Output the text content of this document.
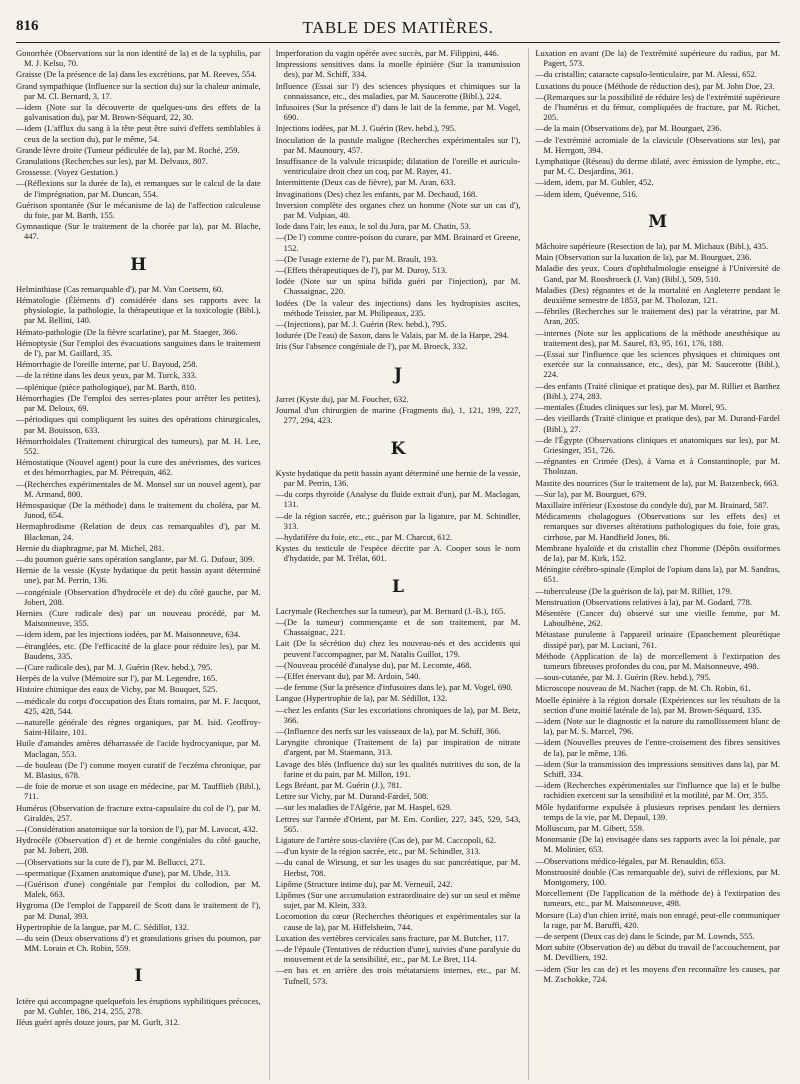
816	TABLE DES MATIÈRES.
Gonorrhée (Observations sur la non identité de la) et de la syphilis, par M. J. Kelso, 70.
Graisse (De la présence de la) dans les excrétions, par M. Reeves, 554.
Grand sympathique (Influence sur la section du) sur la chaleur animale, par M. Cl. Bernard, 3, 17.
—idem (Note sur la découverte de quelques-uns des effets de la galvanisation du), par M. Brown-Séquard, 22, 30.
—idem (L'afflux du sang à la tête peut être suivi d'effets semblables à ceux de la section du), par le même, 54.
Grande lèvre droite (Tumeur pédiculée de la), par M. Roché, 259.
Granulations (Recherches sur les), par M. Delvaux, 807.
Grossesse. (Voyez Gestation.)
—(Réflexions sur la durée de la), et remarques sur le calcul de la date de l'imprégnation, par M. Duncan, 554.
Guérison spontanée (Sur le mécanisme de la) de l'affection calculeuse du foie, par M. Barth, 155.
Gymnastique (Sur le traitement de la chorée par la), par M. Blache, 447.
H
Helminthiase (Cas remarquable d'), par M. Van Coetsem, 60.
Hématologie (Éléments d') considérée dans ses rapports avec la physiologie, la pathologie, la thérapeutique et la toxicologie (Bibl.), par M. Bellini, 140.
Hémato-pathologie (De la fièvre scarlatine), par M. Staeger, 366.
Hémoptysie (Sur l'emploi des évacuations sanguines dans le traitement de l'), par M. Gaillard, 35.
Hémorrhagie de l'oreille interne, par U. Bayoud, 258.
—de la rétine dans les deux yeux, par M. Turck, 333.
—splénique (pièce pathologique), par M. Barth, 810.
Hémorrhagies (De l'emploi des serres-plates pour arrêter les petites), par M. Deloux, 69.
—périodiques qui compliquent les suites des opérations chirurgicales, par M. Bouisson, 633.
Hémorrhoïdales (Traitement chirurgical des tumeurs), par M. H. Lee, 552.
Hémostatique (Nouvel agent) pour la cure des anévrismes, des varices et des hémorrhagies, par M. Pétrequin, 462.
—(Recherches expérimentales de M. Monsel sur un nouvel agent), par M. Armand, 800.
Hémospasique (De la méthode) dans le traitement du choléra, par M. Junod, 654.
Hermaphrodisme (Relation de deux cas remarquables d'), par M. Blackman, 24.
Hernie du diaphragme, par M. Michel, 281.
—du poumon guérie sans opération sanglante, par M. G. Dufour, 309.
Hernie de la vessie (Kyste hydatique du petit bassin ayant déterminé une), par M. Perrin, 136.
—congéniale (Observation d'hydrocèle et de) du côté gauche, par M. Jobert, 208.
Hernies (Cure radicale des) par un nouveau procédé, par M. Maisonneuve, 355.
—idem idem, par les injections iodées, par M. Maisonneuve, 634.
—étranglées, etc. (De l'efficacité de la glace pour réduire les), par M. Baudens, 335.
—(Cure radicale des), par M. J. Guérin (Rev. hebd.), 795.
Herpès de la vulve (Mémoire sur l'), par M. Legendre, 165.
Histoire chimique des eaux de Vichy, par M. Bouquet, 525.
—médicale du corps d'occupation des États romains, par M. F. Jacquot, 425, 428, 544.
—naturelle générale des règnes organiques, par M. Isid. Geoffroy-Saint-Hilaire, 101.
Huile d'amandes amères débarrassée de l'acide hydrocyanique, par M. Maclagan, 553.
—de bouleau (De l') comme moyen curatif de l'eczéma chronique, par M. Blasius, 678.
—de foie de morue et son usage en médecine, par M. Taufflieb (Bibl.), 711.
Humérus (Observation de fracture extra-capsulaire du col de l'), par M. Giraldès, 257.
—(Considération anatomique sur la torsion de l'), par M. Lavocat, 432.
Hydrocèle (Observation d') et de hernie congéniales du côté gauche, par M. Jobert, 208.
—(Observations sur la cure de l'), par M. Bellucci, 271.
—spermatique (Examen anatomique d'une), par M. Uhde, 313.
—(Guérison d'une) congéniale par l'emploi du collodion, par M. Malek, 663.
Hygroma (De l'emploi de l'appareil de Scott dans le traitement de l'), par M. Dunal, 393.
Hypertrophie de la langue, par M. C. Sédillot, 132.
—du sein (Deux observations d') et granulations grises du poumon, par MM. Lorain et Ch. Robin, 559.
I
Ictère qui accompagne quelquefois les éruptions syphilitiques précoces, par M. Gubler, 186, 214, 255, 278.
Iléus guéri après douze jours, par M. Gurlt, 312.
Imperforation du vagin opérée avec succès, par M. Filippini, 446.
Impressions sensitives dans la moelle épinière (Sur la transmission des), par M. Schiff, 334.
Influence (Essai sur l') des sciences physiques et chimiques sur la connaissance, etc., des maladies, par M. Saucerotte (Bibl.), 224.
Infusoires (Sur la présence d') dans le lait de la femme, par M. Vogel, 690.
Injections iodées, par M. J. Guérin (Rev. hebd.), 795.
Inoculation de la pustule maligne (Recherches expérimentales sur l'), par M. Maunoury, 457.
Insuffisance de la valvule tricuspide; dilatation de l'oreille et auriculo-ventriculaire droit chez un coq, par M. Rayer, 41.
Intermittente (Deux cas de fièvre), par M. Aran, 633.
Invaginations (Des) chez les enfants, par M. Dechaud, 168.
Inversion complète des organes chez un homme (Note sur un cas d'), par M. Vulpian, 40.
Iode dans l'air, les eaux, le sol du Jura, par M. Chatin, 53.
—(De l') comme contre-poison du curare, par MM. Brainard et Greene, 152.
—(De l'usage externe de l'), par M. Brault, 193.
—(Effets thérapeutiques de l'), par M. Duroy, 513.
Iodée (Note sur un spina bifida guéri par l'injection), par M. Chassaignac, 220.
Iodées (De la valeur des injections) dans les hydropisies ascites, méthode Teissier, par M. Philipeaux, 235.
—(Injections), par M. J. Guérin (Rev. hebd.), 795.
Iodurée (De l'eau) de Saxon, dans le Valais, par M. de la Harpe, 294.
Iris (Sur l'absence congéniale de l'), par M. Broeck, 332.
J
Jarret (Kyste du), par M. Foucher, 632.
Journal d'un chirurgien de marine (Fragments du), 1, 121, 199, 227, 277, 294, 423.
K
Kyste hydatique du petit bassin ayant déterminé une hernie de la vessie, par M. Perrin, 136.
—du corps thyroïde (Analyse du fluide extrait d'un), par M. Maclagan, 131.
—de la région sacrée, etc.; guérison par la ligature, par M. Schindler, 313.
—hydatifère du foie, etc., etc., par M. Charcot, 612.
Kystes du testicule de l'espèce décrite par A. Cooper sous le nom d'hydatide, par M. Trélat, 601.
L
Lacrymale (Recherches sur la tumeur), par M. Bernard (J.-B.), 165.
—(De la tumeur) commençante et de son traitement, par M. Chassaignac, 221.
Lait (De la sécrétion du) chez les nouveau-nés et des accidents qui peuvent l'accompagner, par M. Natalis Guillot, 179.
—(Nouveau procédé d'analyse du), par M. Lecomte, 468.
—(Effet énervant du), par M. Ardoin, 540.
—de femme (Sur la présence d'infusoires dans le), par M. Vogel, 690.
Langue (Hypertrophie de la), par M. Sédillot, 132.
—chez les enfants (Sur les excoriations chroniques de la), par M. Betz, 366.
—(Influence des nerfs sur les vaisseaux de la), par M. Schiff, 366.
Laryngite chronique (Traitement de la) par inspiration de nitrate d'argent, par M. Staemann, 313.
Lavage des blés (Influence du) sur les qualités nutritives du son, de la farine et du pain, par M. Millon, 191.
Legs Bréant, par M. Guérin (J.), 781.
Lettre sur Vichy, par M. Durand-Fardel, 508.
—sur les maladies de l'Algérie, par M. Haspel, 629.
Lettres sur l'armée d'Orient, par M. Em. Cordier, 227, 345, 529, 543, 565.
Ligature de l'artère sous-clavière (Cas de), par M. Caccopoli, 62.
—d'un kyste de la région sacrée, etc., par M. Schindler, 313.
—du canal de Wirsung, et sur les usages du suc pancréatique, par M. Herbst, 708.
Lipôme (Structure intime du), par M. Verneuil, 242.
Lipômes (Sur une accumulation extraordinaire de) sur un seul et même sujet, par M. Klein, 333.
Locomotion du cœur (Recherches théoriques et expérimentales sur la cause de la), par M. Hiffelsheim, 744.
Luxation des vertèbres cervicales sans fracture, par M. Butcher, 117.
—de l'épaule (Tentatives de réduction d'une), suivies d'une paralysie du mouvement et de la sensibilité, etc., par M. Le Bret, 114.
—en bas et en arrière des trois métatarsiens internes, etc., par M. Tufnell, 573.
Luxation en avant (De la) de l'extrémité supérieure du radius, par M. Pagert, 573.
—du cristallin; cataracte capsulo-lenticulaire, par M. Alessi, 652.
Luxations du pouce (Méthode de réduction des), par M. John Doe, 23.
—(Remarques sur la possibilité de réduire les) de l'extrémité supérieure de l'humérus et du fémur, compliquées de fracture, par M. Richet, 205.
—de la main (Observations de), par M. Bourguet, 236.
—de l'extrémité acromiale de la clavicule (Observations sur les), par M. Herrgott, 394.
Lymphatique (Réseau) du derme dilaté, avec émission de lymphe, etc., par M. C. Desjardins, 361.
—idem, idem, par M. Gubler, 452.
—idem idem, Quévenne, 516.
M
Mâchoire supérieure (Resection de la), par M. Michaux (Bibl.), 435.
Main (Observation sur la luxation de la), par M. Bourguet, 236.
Maladie des yeux. Cours d'ophthalmologie enseigné à l'Université de Gand, par M. Roosbroeck (J. Van) (Bibl.), 509, 510.
Maladies (Des) régnantes et de la mortalité en Angleterre pendant le deuxième semestre de 1853, par M. Tholozan, 121.
—fébriles (Recherches sur le traitement des) par la vératrine, par M. Aran, 205.
—internes (Note sur les applications de la méthode anesthésique au traitement des), par M. Saurel, 83, 95, 161, 176, 188.
—(Essai sur l'influence que les sciences physiques et chimiques ont exercée sur la connaissance, etc., des), par M. Saucerotte (Bibl.), 224.
—des enfants (Traité clinique et pratique des), par M. Rilliet et Barthez (Bibl.), 274, 283.
—mentales (Études cliniques sur les), par M. Morel, 95.
—des vieillards (Traité clinique et pratique des), par M. Durand-Fardel (Bibl.), 27.
—de l'Égypte (Observations cliniques et anatomiques sur les), par M. Griesinger, 351, 726.
—régnantes en Crimée (Des), à Varna et à Constantinople, par M. Tholozan.
Mastite des nourrices (Sur le traitement de la), par M. Batzenbeck, 663.
—Sur la), par M. Bourguet, 679.
Maxillaire inférieur (Exostose du condyle du), par M. Brainard, 587.
Médicaments cholagogues (Observations sur les effets des) et remarques sur diverses altérations pathologiques du foie, foie gras, cirrhose, par M. Handfield Jones, 86.
Membrane hyaloïde et du cristallin chez l'homme (Dépôts ossiformes de la), par M. Kirk, 152.
Méningite cérébro-spinale (Emploi de l'opium dans la), par M. Sandras, 651.
—tuberculeuse (De la guérison de la), par M. Rilliet, 179.
Menstruation (Observations relatives à la), par M. Godard, 778.
Mésentère (Cancer du) observé sur une vieille femme, par M. Laboulbène, 262.
Métastase purulente à l'appareil urinaire (Epanchement pleurétique dissipé par), par M. Luciani, 761.
Méthode (Application de la) de morcellement à l'extirpation des tumeurs fibreuses profondes du cou, par M. Maisonneuve, 498.
—sous-cutanée, par M. J. Guérin (Rev. hebd.), 795.
Microscope nouveau de M. Nachet (rapp. de M. Ch. Robin, 61.
Moelle épinière à la région dorsale (Expériences sur les résultats de la section d'une moitié latérale de la), par M. Brown-Séquard, 135.
—idem (Note sur le diagnostic et la nature du ramollissement blanc de la), par M. S. Marcel, 796.
—idem (Nouvelles preuves de l'entre-croisement des fibres sensitives de la), par le même, 136.
—idem (Sur la transmission des impressions sensitives dans la), par M. Schiff, 334.
—idem (Recherches expérimentales sur l'influence que la) et le bulbe rachidien exercent sur la sensibilité et la motilité, par M. Orr, 355.
Môle hydatiforme expulsée à plusieurs reprises pendant les derniers temps de la vie, par M. Depaul, 139.
Molluscum, par M. Gibert, 559.
Monomanie (De la) envisagée dans ses rapports avec la loi pénale, par M. Molinier, 653.
—Observations médico-légales, par M. Renauldin, 653.
Monstruosité double (Cas remarquable de), suivi de réflexions, par M. Montgomery, 100.
Morcellement (De l'application de la méthode de) à l'extirpation des tumeurs, etc., par M. Maisonneuve, 498.
Morsure (La) d'un chien irrité, mais non enragé, peut-elle communiquer la rage, par M. Baruffi, 420.
—de serpent (Deux cas de) dans le Scinde, par M. Lownds, 555.
Mort subite (Observation de) au début du travail de l'accouchement, par M. Devilliers, 192.
—idem (Sur les cas de) et les moyens d'en reconnaître les causes, par M. Zschokke, 724.
